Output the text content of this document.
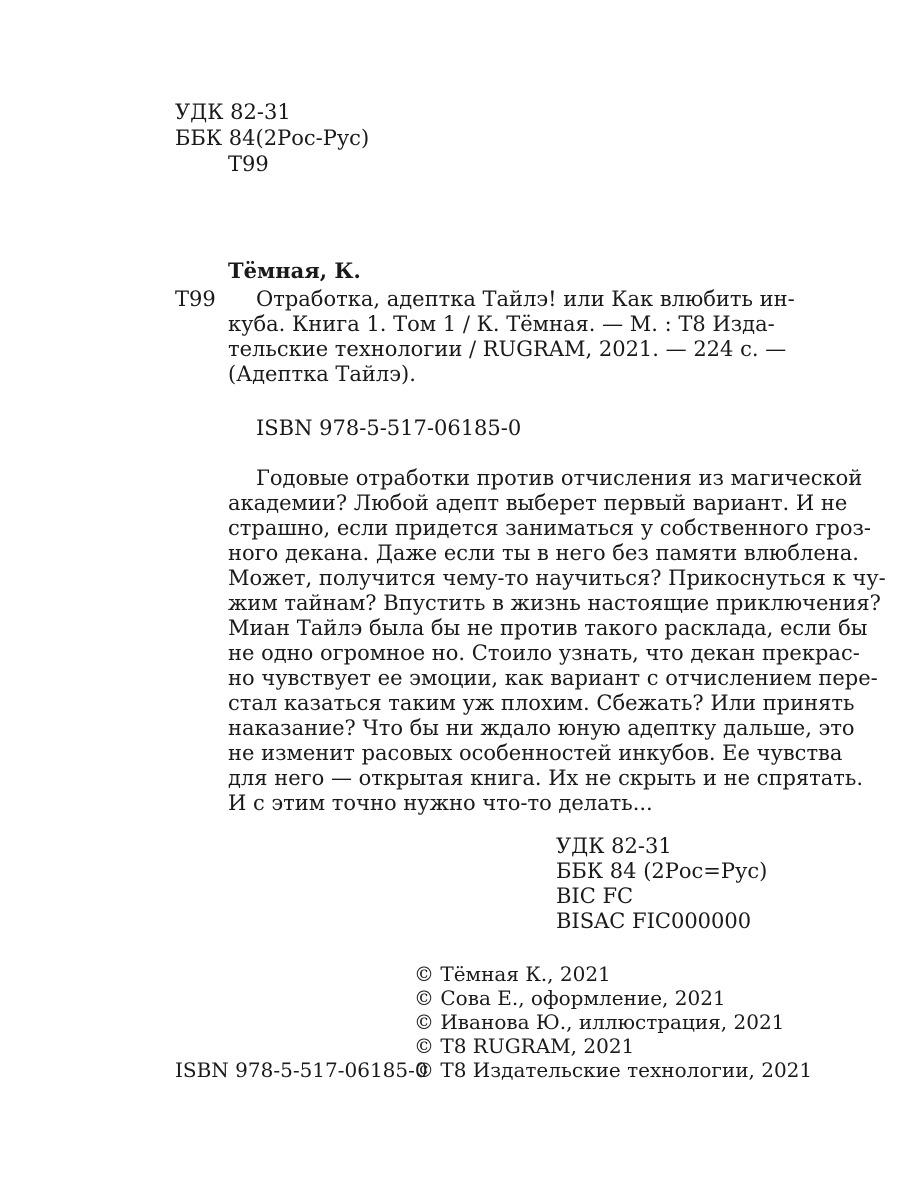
УДК 82-31
ББК 84(2Рос-Рус)
Т99
Тёмная, К.
Т99	Отработка, адептка Тайлэ! или Как влюбить ин-
куба. Книга 1. Том 1 / К. Тёмная. — М. : Т8 Изда-
тельские технологии / RUGRAM, 2021. — 224 с. —
(Адептка Тайлэ).
ISBN 978-5-517-06185-0
Годовые отработки против отчисления из магической
академии? Любой адепт выберет первый вариант. И не
страшно, если придется заниматься у собственного гроз-
ного декана. Даже если ты в него без памяти влюблена.
Может, получится чему-то научиться? Прикоснуться к чу-
жим тайнам? Впустить в жизнь настоящие приключения?
Миан Тайлэ была бы не против такого расклада, если бы
не одно огромное но. Стоило узнать, что декан прекрас-
но чувствует ее эмоции, как вариант с отчислением пере-
стал казаться таким уж плохим. Сбежать? Или принять
наказание? Что бы ни ждало юную адептку дальше, это
не изменит расовых особенностей инкубов. Ее чувства
для него — открытая книга. Их не скрыть и не спрятать.
И с этим точно нужно что-то делать...
УДК 82-31
ББК 84 (2Рос=Рус)
BIC FC
BISAC FIC000000
© Тёмная К., 2021
© Сова Е., оформление, 2021
© Иванова Ю., иллюстрация, 2021
© Т8 RUGRAM, 2021
© Т8 Издательские технологии, 2021
ISBN 978-5-517-06185-0
